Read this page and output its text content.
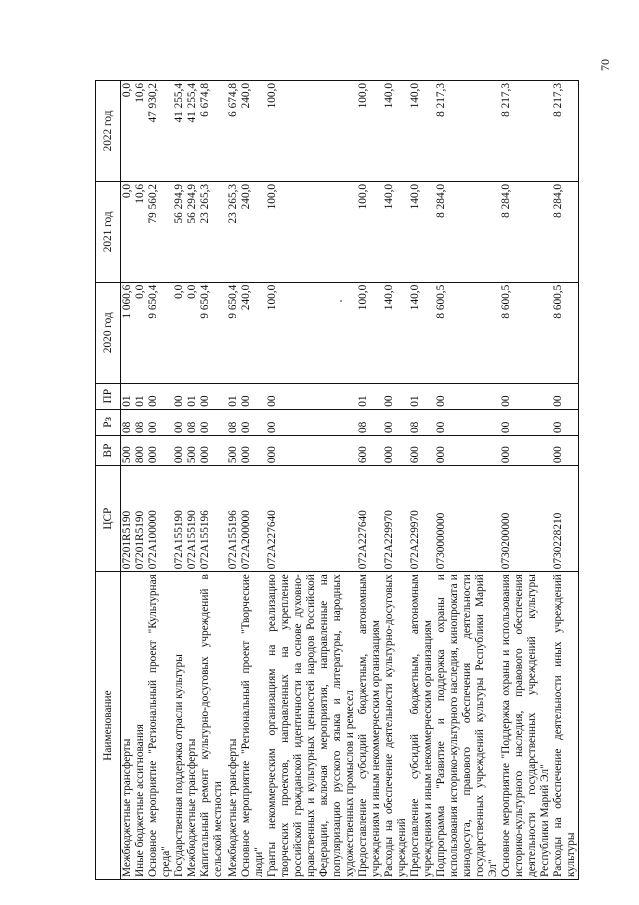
70
Наименование	ЦСР	ВР	Рз	ПР	2020 год	2021 год	2022 год
Межбюджетные трансферты	07201R5190	500	08	01	1 060,6	0,0	0,0
Иные бюджетные ассигнования	07201R5190	800	08	01	0,0	10,6	10,6
Основное мероприятие "Региональный проект "Культурная среда"	072A100000	000	00	00	9 650,4	79 560,2	47 930,2
Государственная поддержка отрасли культуры	072A155190	000	00	00	0,0	56 294,9	41 255,4
Межбюджетные трансферты	072A155190	500	08	01	0,0	56 294,9	41 255,4
Капитальный ремонт культурно-досуговых учреждений в сельской местности	072A155196	000	00	00	9 650,4	23 265,3	6 674,8
Межбюджетные трансферты	072A155196	500	08	01	9 650,4	23 265,3	6 674,8
Основное мероприятие "Региональный проект "Творческие люди"	072A200000	000	00	00	240,0	240,0	240,0
Гранты некоммерческим организациям на реализацию творческих проектов, направленных на укрепление российской гражданской идентичности на основе духовно-нравственных и культурных ценностей народов Российской Федерации, включая мероприятия, направленные на популяризацию русского языка и литературы, народных художественных промыслов и ремесел	072A227640	000	00	00	100,0	100,0	100,0
Предоставление субсидий бюджетным, автономным учреждениям и иным некоммерческим организациям	072A227640	600	08	01	100,0	100,0	100,0
Расходы на обеспечение деятельности культурно-досуговых учреждений	072A229970	000	00	00	140,0	140,0	140,0
Предоставление субсидий бюджетным, автономным учреждениям и иным некоммерческим организациям	072A229970	600	08	01	140,0	140,0	140,0
Подпрограмма "Развитие и поддержка охраны и использования историко-культурного наследия, кинопроката и кинодосуга, правового обеспечения деятельности государственных учреждений культуры Республики Марий Эл"	0730000000	000	00	00	8 600,5	8 284,0	8 217,3
Основное мероприятие "Поддержка охраны и использования историко-культурного наследия, правового обеспечения деятельности государственных учреждений культуры Республики Марий Эл"	0730200000	000	00	00	8 600,5	8 284,0	8 217,3
Расходы на обеспечение деятельности иных учреждений культуры	0730228210	000	00	00	8 600,5	8 284,0	8 217,3
